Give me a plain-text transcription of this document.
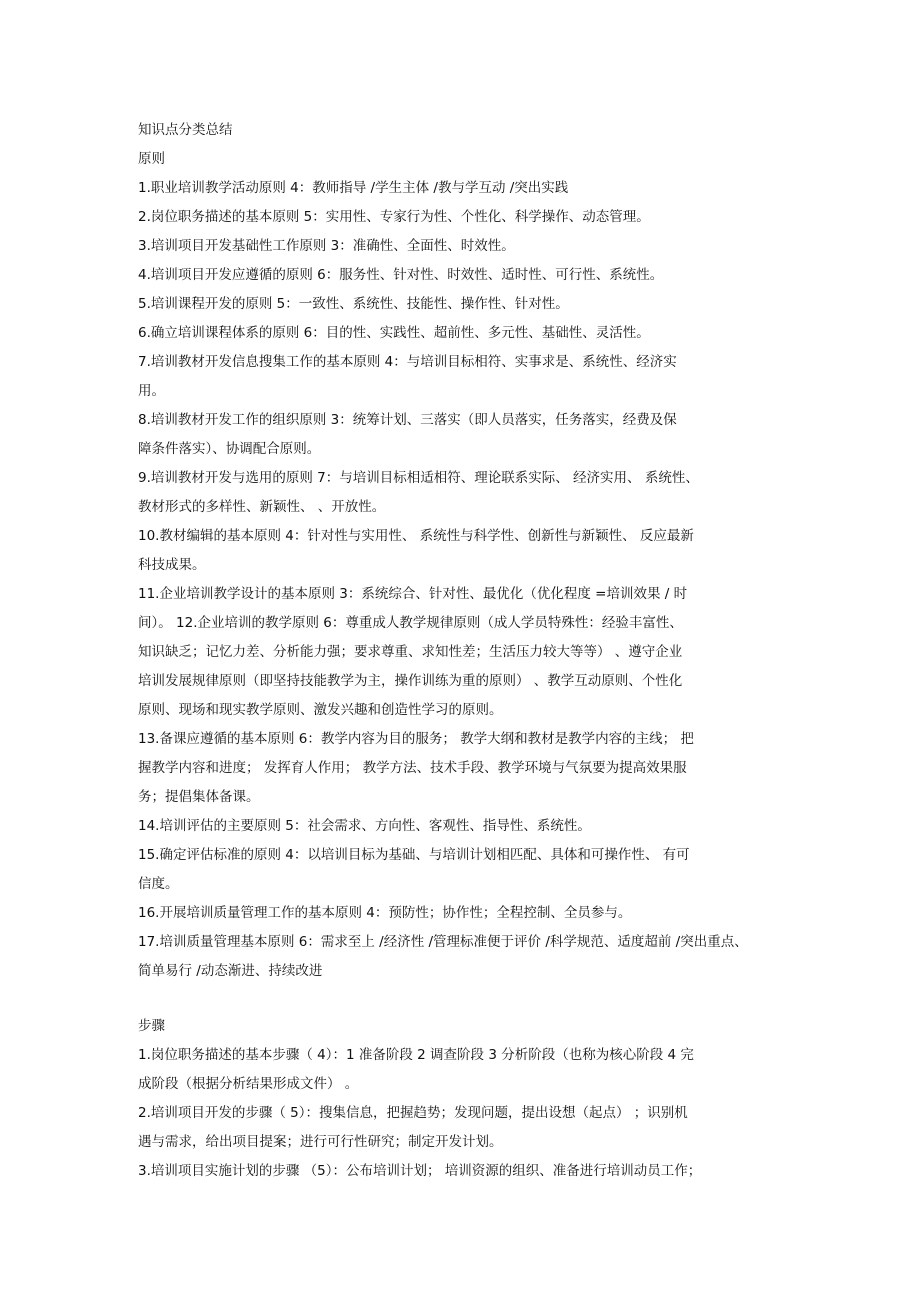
知识点分类总结
原则
1.职业培训教学活动原则 4：教师指导 /学生主体 /教与学互动 /突出实践
2.岗位职务描述的基本原则 5：实用性、专家行为性、个性化、科学操作、动态管理。
3.培训项目开发基础性工作原则 3：准确性、全面性、时效性。
4.培训项目开发应遵循的原则 6：服务性、针对性、时效性、适时性、可行性、系统性。
5.培训课程开发的原则 5：一致性、系统性、技能性、操作性、针对性。
6.确立培训课程体系的原则 6：目的性、实践性、超前性、多元性、基础性、灵活性。
7.培训教材开发信息搜集工作的基本原则 4：与培训目标相符、实事求是、系统性、经济实
用。
8.培训教材开发工作的组织原则 3：统筹计划、三落实（即人员落实，任务落实，经费及保
障条件落实）、协调配合原则。
9.培训教材开发与选用的原则 7：与培训目标相适相符、理论联系实际、 经济实用、 系统性、
教材形式的多样性、新颖性、 、开放性。
10.教材编辑的基本原则 4：针对性与实用性、 系统性与科学性、创新性与新颖性、 反应最新
科技成果。
11.企业培训教学设计的基本原则 3：系统综合、针对性、最优化（优化程度 =培训效果 / 时
间）。 12.企业培训的教学原则 6：尊重成人教学规律原则（成人学员特殊性：经验丰富性、
知识缺乏；记忆力差、分析能力强；要求尊重、求知性差；生活压力较大等等） 、遵守企业
培训发展规律原则（即坚持技能教学为主，操作训练为重的原则） 、教学互动原则、个性化
原则、现场和现实教学原则、激发兴趣和创造性学习的原则。
13.备课应遵循的基本原则 6：教学内容为目的服务； 教学大纲和教材是教学内容的主线； 把
握教学内容和进度； 发挥育人作用； 教学方法、技术手段、教学环境与气氛要为提高效果服
务；提倡集体备课。
14.培训评估的主要原则 5：社会需求、方向性、客观性、指导性、系统性。
15.确定评估标准的原则 4：以培训目标为基础、与培训计划相匹配、具体和可操作性、 有可
信度。
16.开展培训质量管理工作的基本原则 4：预防性；协作性；全程控制、全员参与。
17.培训质量管理基本原则 6：需求至上 /经济性 /管理标准便于评价 /科学规范、适度超前 /突出重点、
简单易行 /动态渐进、持续改进
步骤
1.岗位职务描述的基本步骤（ 4）：1 准备阶段 2 调查阶段 3 分析阶段（也称为核心阶段 4 完
成阶段（根据分析结果形成文件） 。
2.培训项目开发的步骤（ 5）：搜集信息，把握趋势；发现问题，提出设想（起点） ；识别机
遇与需求，给出项目提案；进行可行性研究；制定开发计划。
3.培训项目实施计划的步骤 （5）：公布培训计划； 培训资源的组织、准备进行培训动员工作；
